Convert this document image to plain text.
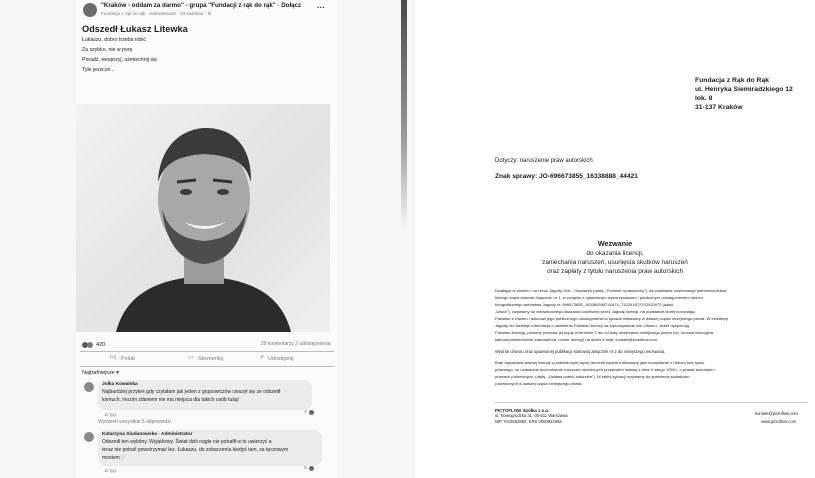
"Kraków - oddam za darmo" - grupa "Fundacji z rąk do rąk" · Dołącz
Fundacja z rąk do rąk · Administrator · 23 kwietnia · ⚙
···
Odszedł Łukasz Litewka
Łukaszu, dobro trzeba robić
Za szybko, nie w porę
Poradź, wesprzyj, uśmiechnij się
Tyle jeszcze...
420	29 komentarzy 2 udostępnienia
👍︎ Polub	▭ Skomentuj	↗ Udostępnij
Najtrafniejsze ▾
Jolka Kowalska
Najbardziej przykre gdy czytałam jak jeden z grupowiczów cieszył się ze odszedł
komuch, mozim zdaniem nie ma miejsca dla takich osób tutaj!
11 tyg.	3
Wyświetl wszystkie 5 odpowiedzi
Katarzyna Siudanowska · Administrator
Odszedł ten wybitny. Wyjątkowy. Świat dziś nagle nie potrafił w to uwierzyć a
teraz nie potrafi powstrzymać łez. Łukaszu, do zobaczenia kiedyś tam, za tęczowym
mostem🤍
11 tyg.	5
Fundacja z Rąk do Rąk
ul. Henryka Siemiradzkiego 12
lok. 8
31-137 Kraków
Dotyczy: naruszenie praw autorskich
Znak sprawy: JO-696673855_16338888_44421
Wezwanie
do okazania licencji,
zaniechania naruszeń, usunięcia skutków naruszeń
oraz zapłaty z tytułu naruszenia praw autorskich
Działając w imieniu i na rzecz Jagody Goli - Owczarek (dalej: „Podmiot Uprawniony"), na podstawie udzielonego pełnomocnictwa,
którego kopia stanowi Załącznik nr 1, w związku z ujawnionym wykorzystaniem i publicznym udostępnieniem utworu
fotograficznego autorstwa Jagody nr: 696673855_163389348741874_732291572702432973 (dalej:
„Utwór"), wzywamy do niezwłocznego okazania udzielonej przez Jagodę licencji, na podstawie której korzystają
Państwo z Utworu i dokonali jego publicznego udostępnienia w sposób wskazany w dalszej części niniejszego pisma. W ewidencji
Jagody nie widnieje informacja o udzieleniu Państwu licencji na wykorzystanie ww. Utworu. Jeżeli dysponują
Państwo licencją, prosimy przesłać jej kopię w terminie 2 dni od daty otrzymania niniejszego pisma (np. umowa licencyjna,
faktura/potwierdzenie zamówienia, numer licencji) na adres e-mail: kontakt@pictoflow.com
Wydruk Utworu oraz ujawnionej publikacji stanowią załącznik nr 2 do niniejszego wezwania.
Brak wykazania ważnej licencji w zakreślonym wyżej terminie będzie traktowany jako korzystanie z Utworu bez tytułu
prawnego, co uzasadnia dochodzenie roszczeń określonych przepisami ustawy z dnia 4 lutego 1994 r. o prawie autorskim i
prawach pokrewnych, (dalej: „Ustawa prawo autorskie"). W takiej sytuacji wzywamy do spełnienia świadczeń
(określonych w dalszej części niniejszego pisma.
PICTOFLOW Spółka z o.o.
ul. Nowogrodzka 31, 00-511 Warszawa
NIP 7010583850, KRS 0000921994
kontakt@pictoflow.com
www.pictoflow.com
